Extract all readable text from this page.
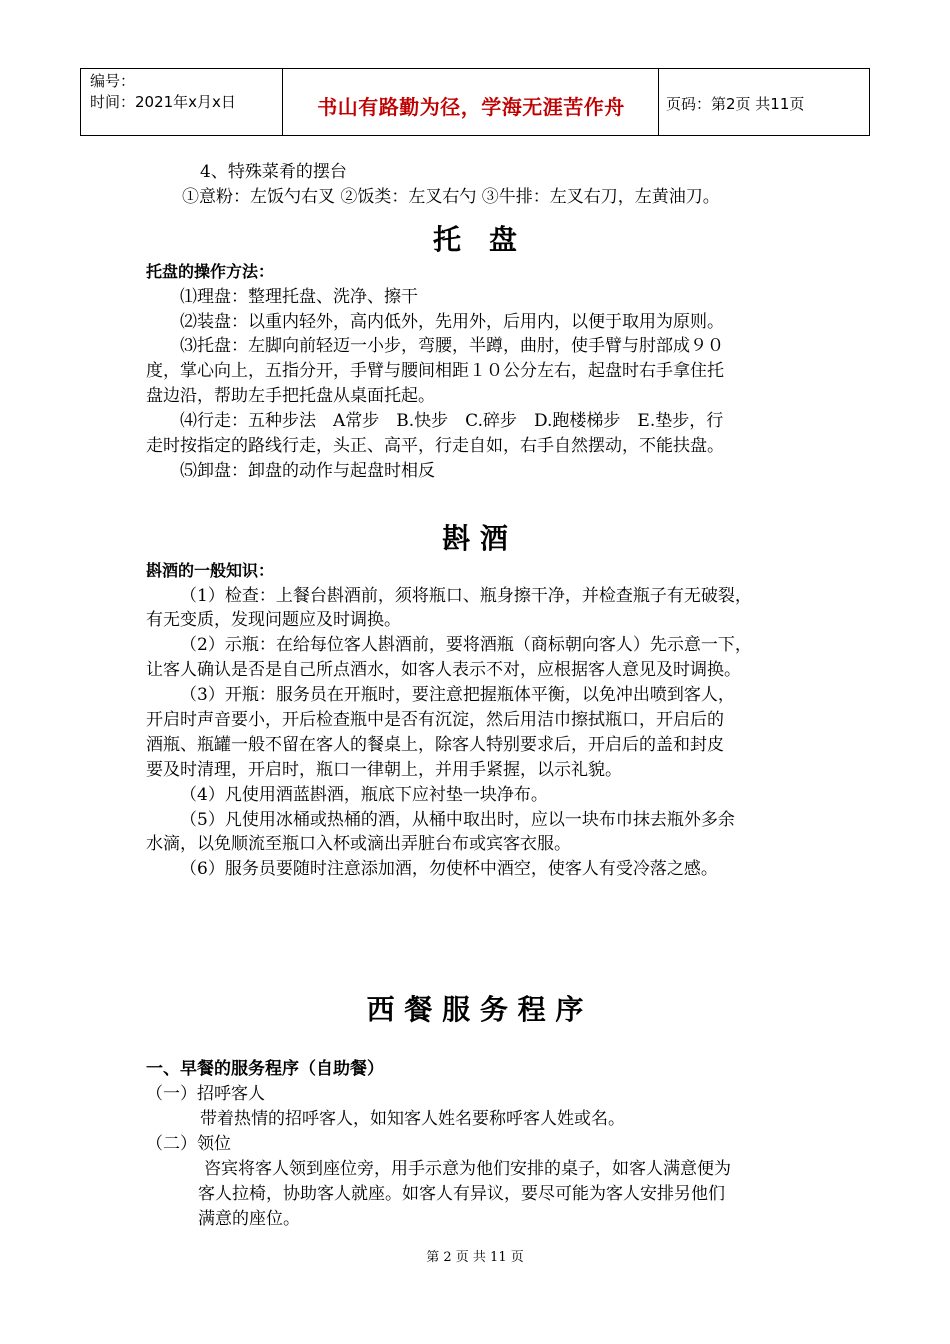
编号：
时间：2021年x月x日	书山有路勤为径，学海无涯苦作舟	页码：第2页 共11页
4、特殊菜肴的摆台
①意粉：左饭勺右叉 ②饭类：左叉右勺 ③牛排：左叉右刀，左黄油刀。
托　盘
托盘的操作方法：
⑴理盘：整理托盘、洗净、擦干
⑵装盘：以重内轻外，高内低外，先用外，后用内，以便于取用为原则。
⑶托盘：左脚向前轻迈一小步，弯腰，半蹲，曲肘，使手臂与肘部成９０
度，掌心向上，五指分开，手臂与腰间相距１０公分左右，起盘时右手拿住托
盘边沿，帮助左手把托盘从桌面托起。
⑷行走：五种步法　A常步　B.快步　C.碎步　D.跑楼梯步　E.垫步，行
走时按指定的路线行走，头正、高平，行走自如，右手自然摆动，不能扶盘。
⑸卸盘：卸盘的动作与起盘时相反
斟 酒
斟酒的一般知识：
（1）检查：上餐台斟酒前，须将瓶口、瓶身擦干净，并检查瓶子有无破裂，
有无变质，发现问题应及时调换。
（2）示瓶：在给每位客人斟酒前，要将酒瓶（商标朝向客人）先示意一下，
让客人确认是否是自己所点酒水，如客人表示不对，应根据客人意见及时调换。
（3）开瓶：服务员在开瓶时，要注意把握瓶体平衡，以免冲出喷到客人，
开启时声音要小，开后检查瓶中是否有沉淀，然后用洁巾擦拭瓶口，开启后的
酒瓶、瓶罐一般不留在客人的餐桌上，除客人特别要求后，开启后的盖和封皮
要及时清理，开启时，瓶口一律朝上，并用手紧握，以示礼貌。
（4）凡使用酒蓝斟酒，瓶底下应衬垫一块净布。
（5）凡使用冰桶或热桶的酒，从桶中取出时，应以一块布巾抹去瓶外多余
水滴，以免顺流至瓶口入杯或滴出弄脏台布或宾客衣服。
（6）服务员要随时注意添加酒，勿使杯中酒空，使客人有受冷落之感。
西 餐 服 务 程 序
一、早餐的服务程序（自助餐）
（一）招呼客人
带着热情的招呼客人，如知客人姓名要称呼客人姓或名。
（二）领位
咨宾将客人领到座位旁，用手示意为他们安排的桌子，如客人满意便为
客人拉椅，协助客人就座。如客人有异议，要尽可能为客人安排另他们
满意的座位。
第 2 页 共 11 页
